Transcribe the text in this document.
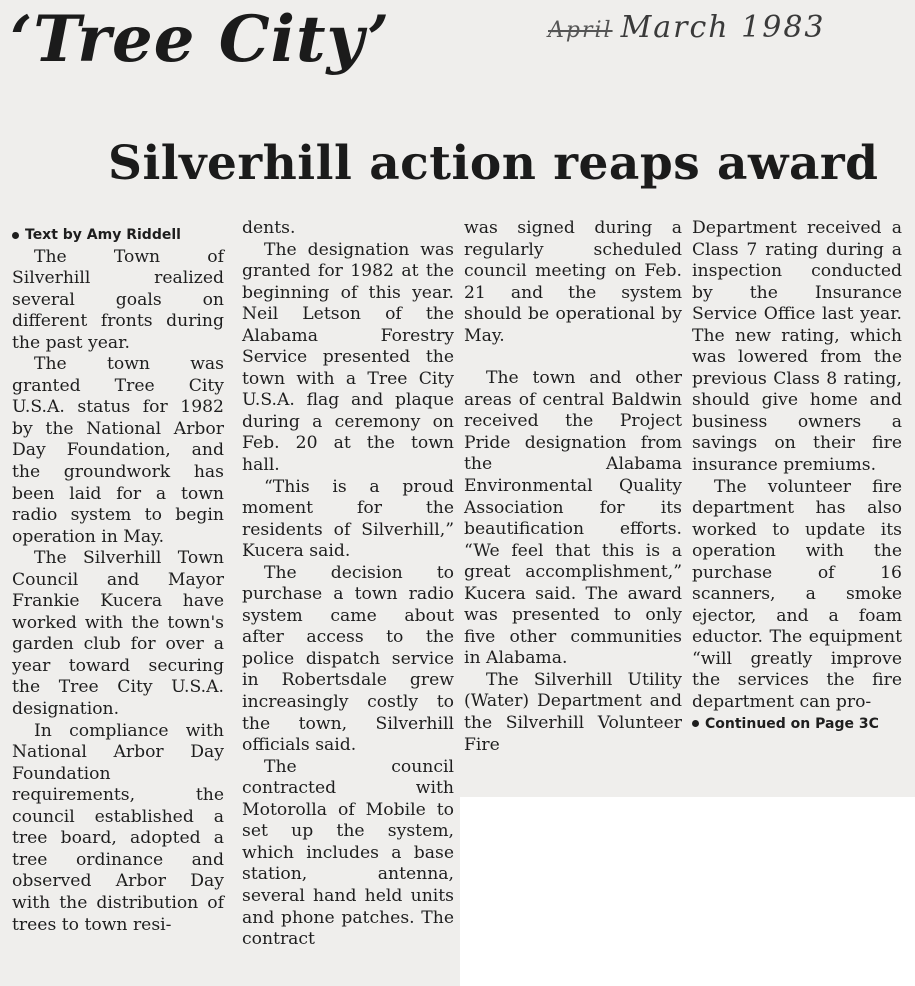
‘Tree City’	April March 1983
Silverhill action reaps award

Text by Amy Riddell

The Town of Silverhill realized several goals on different fronts during the past year.

The town was granted Tree City U.S.A. status for 1982 by the National Arbor Day Foundation, and the groundwork has been laid for a town radio system to begin operation in May.

The Silverhill Town Council and Mayor Frankie Kucera have worked with the town's garden club for over a year toward securing the Tree City U.S.A. designation.

In compliance with National Arbor Day Foundation requirements, the council established a tree board, adopted a tree ordinance and observed Arbor Day with the distribution of trees to town resi-

dents.

The designation was granted for 1982 at the beginning of this year. Neil Letson of the Alabama Forestry Service presented the town with a Tree City U.S.A. flag and plaque during a ceremony on Feb. 20 at the town hall.

“This is a proud moment for the residents of Silverhill,” Kucera said.

The decision to purchase a town radio system came about after access to the police dispatch service in Robertsdale grew increasingly costly to the town, Silverhill officials said.

The council contracted with Motorolla of Mobile to set up the system, which includes a base station, antenna, several hand held units and phone patches. The contract

was signed during a regularly scheduled council meeting on Feb. 21 and the system should be operational by May.

The town and other areas of central Baldwin received the Project Pride designation from the Alabama Environmental Quality Association for its beautification efforts. “We feel that this is a great accomplishment,” Kucera said. The award was presented to only five other communities in Alabama.

The Silverhill Utility (Water) Department and the Silverhill Volunteer Fire

Department received a Class 7 rating during a inspection conducted by the Insurance Service Office last year. The new rating, which was lowered from the previous Class 8 rating, should give home and business owners a savings on their fire insurance premiums.

The volunteer fire department has also worked to update its operation with the purchase of 16 scanners, a smoke ejector, and a foam eductor. The equipment “will greatly improve the services the fire department can pro-

Continued on Page 3C
